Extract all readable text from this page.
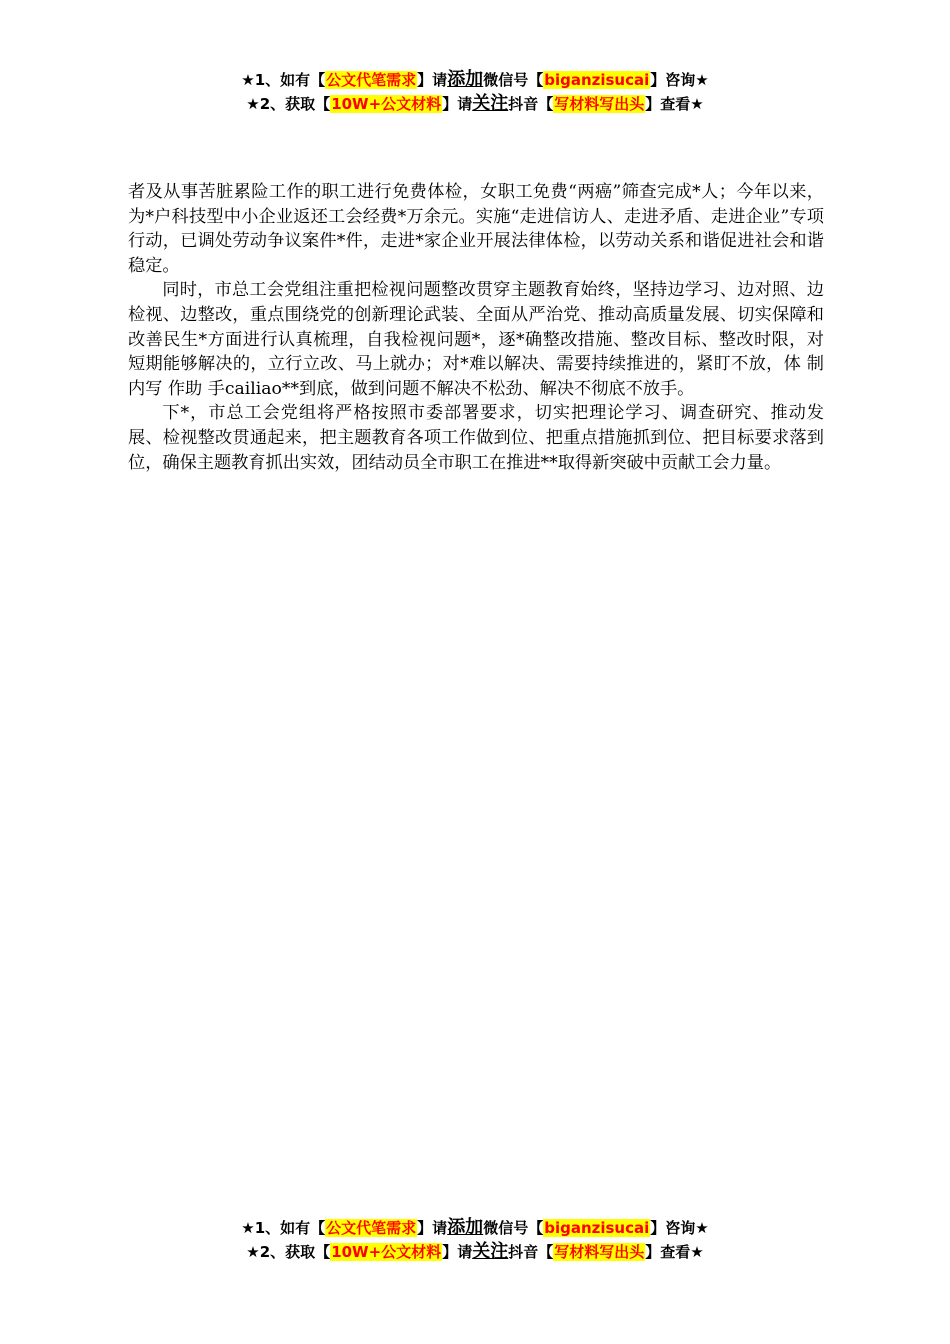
★1、如有【公文代笔需求】请添加微信号【biganzisucai】咨询★
★2、获取【10W+公文材料】请关注抖音【写材料写出头】查看★

者及从事苦脏累险工作的职工进行免费体检，女职工免费“两癌”筛查完成*人；今年以来，为*户科技型中小企业返还工会经费*万余元。实施“走进信访人、走进矛盾、走进企业”专项行动，已调处劳动争议案件*件，走进*家企业开展法律体检，以劳动关系和谐促进社会和谐稳定。

同时，市总工会党组注重把检视问题整改贯穿主题教育始终，坚持边学习、边对照、边检视、边整改，重点围绕党的创新理论武装、全面从严治党、推动高质量发展、切实保障和改善民生*方面进行认真梳理，自我检视问题*，逐*确整改措施、整改目标、整改时限，对短期能够解决的，立行立改、马上就办；对*难以解决、需要持续推进的，紧盯不放，体 制内写 作助 手cailiao**到底，做到问题不解决不松劲、解决不彻底不放手。

下*，市总工会党组将严格按照市委部署要求，切实把理论学习、调查研究、推动发展、检视整改贯通起来，把主题教育各项工作做到位、把重点措施抓到位、把目标要求落到位，确保主题教育抓出实效，团结动员全市职工在推进**取得新突破中贡献工会力量。

★1、如有【公文代笔需求】请添加微信号【biganzisucai】咨询★
★2、获取【10W+公文材料】请关注抖音【写材料写出头】查看★
